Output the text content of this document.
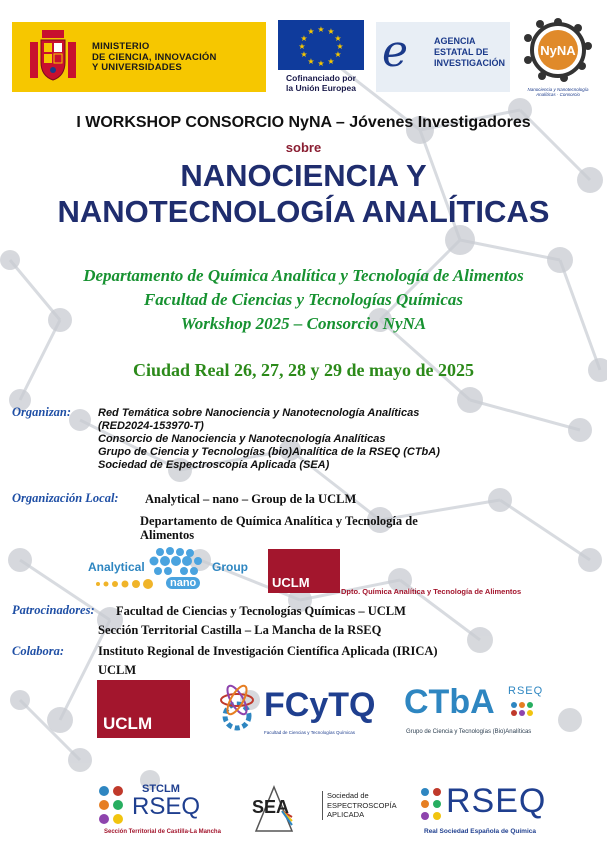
MINISTERIO
DE CIENCIA, INNOVACIÓN
Y UNIVERSIDADES
★ ★
★
★
★
★
★
★
★
★
★
★
Cofinanciado por
la Unión Europea
e	AGENCIA
ESTATAL DE
INVESTIGACIÓN
NyNA
Nanociencia y Nanotecnología Analíticas · Consorcio
I WORKSHOP CONSORCIO NyNA – Jóvenes Investigadores
sobre
NANOCIENCIA Y
NANOTECNOLOGÍA ANALÍTICAS
Departamento de Química Analítica y Tecnología de Alimentos
Facultad de Ciencias y Tecnologías Químicas
Workshop 2025 – Consorcio NyNA
Ciudad Real 26, 27, 28 y 29 de mayo de 2025
Organizan: Red Temática sobre Nanociencia y Nanotecnología Analíticas
(RED2024-153970-T)
Consorcio de Nanociencia y Nanotecnología Analíticas
Grupo de Ciencia y Tecnologías (bio)Analítica de la RSEQ (CTbA)
Sociedad de Espectroscopía Aplicada (SEA)
Organización Local: Analytical – nano – Group de la UCLM
Departamento de Química Analítica y Tecnología de
Alimentos
Analytical	Group
nano	UCLM
Dpto. Química Analítica y Tecnología de Alimentos
Patrocinadores: Facultad de Ciencias y Tecnologías Químicas – UCLM
Sección Territorial Castilla – La Mancha de la RSEQ
Colabora:	Instituto Regional de Investigación Científica Aplicada (IRICA)
UCLM
UCLM	FCyTQ
Facultad de Ciencias y Tecnologías Químicas
CTbA RSEQ
Grupo de Ciencia y Tecnologías (Bio)Analíticas
STCLM
RSEQ
Sección Territorial de Castilla-La Mancha
SEA
Sociedad de
ESPECTROSCOPÍA
APLICADA	RSEQ
Real Sociedad Española de Química
